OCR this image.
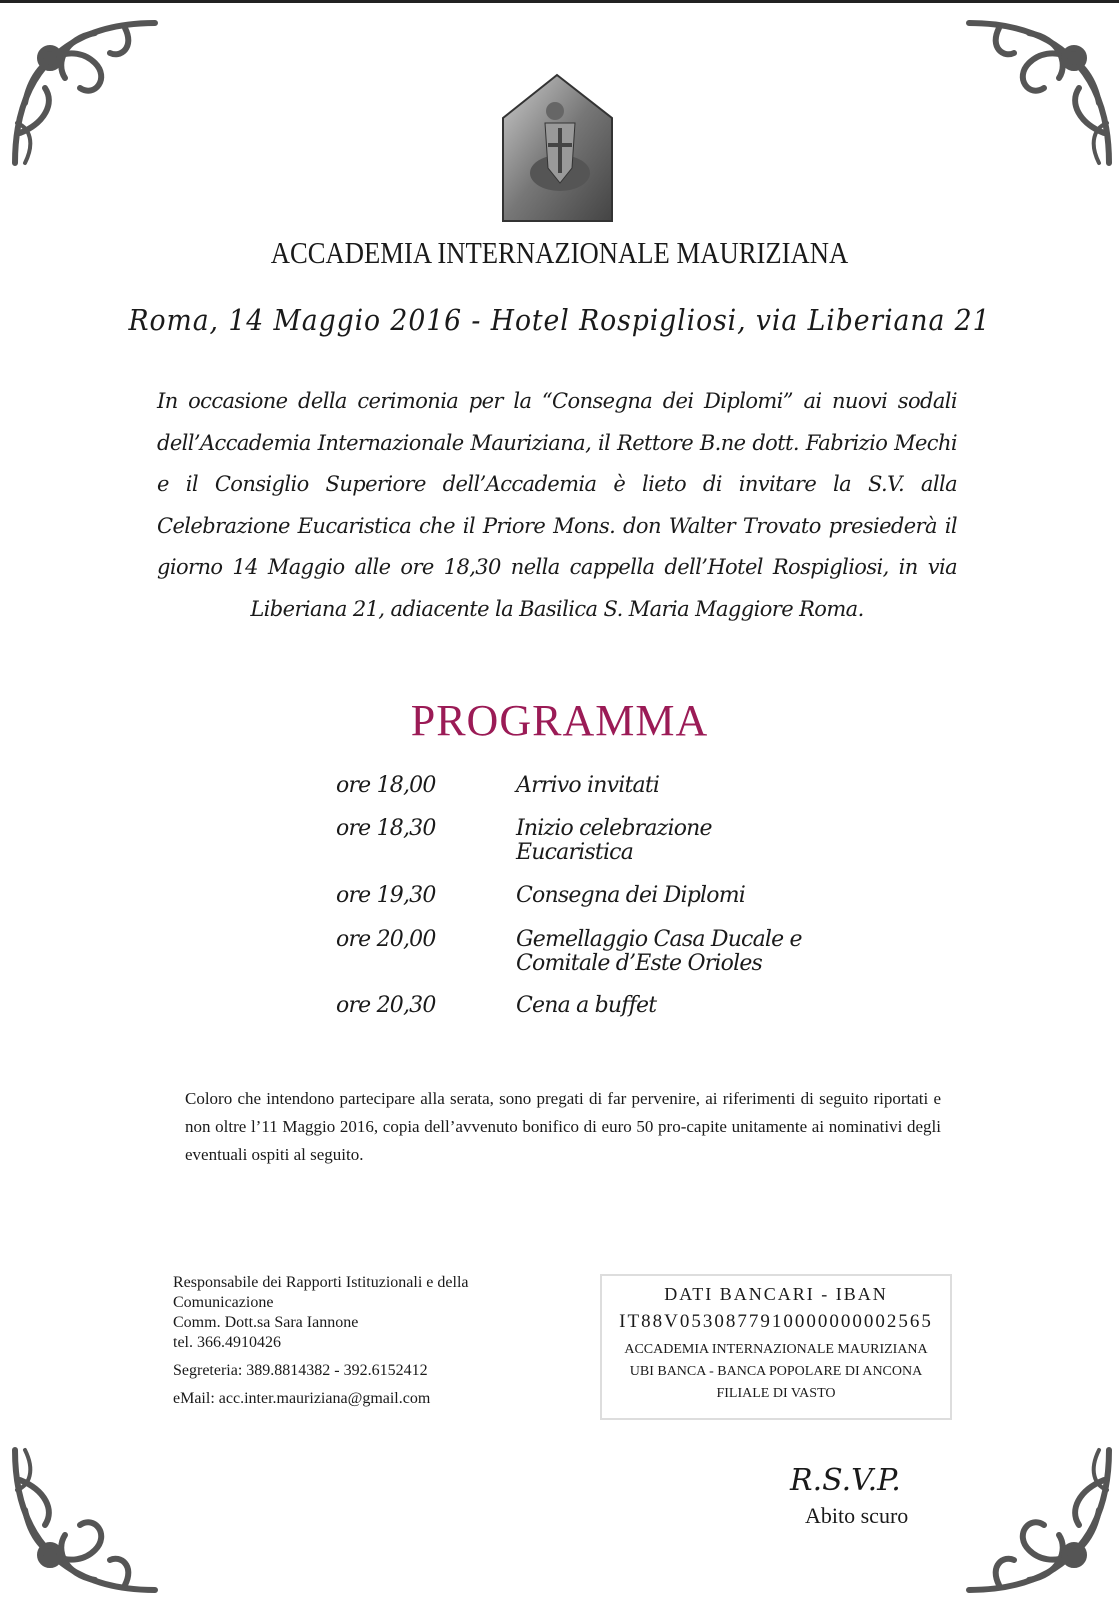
ACCADEMIA INTERNAZIONALE MAURIZIANA
Roma, 14 Maggio 2016 - Hotel Rospigliosi, via Liberiana 21
In occasione della cerimonia per la “Consegna dei Diplomi” ai nuovi sodali dell’Accademia Internazionale Mauriziana, il Rettore B.ne dott. Fabrizio Mechi e il Consiglio Superiore dell’Accademia è lieto di invitare la S.V. alla Celebrazione Eucaristica che il Priore Mons. don Walter Trovato presiederà il giorno 14 Maggio alle ore 18,30 nella cappella dell’Hotel Rospigliosi, in via Liberiana 21, adiacente la Basilica S. Maria Maggiore Roma.
PROGRAMMA
ore 18,00	Arrivo invitati
ore 18,30	Inizio celebrazione Eucaristica
ore 19,30	Consegna dei Diplomi
ore 20,00	Gemellaggio Casa Ducale e Comitale d’Este Orioles
ore 20,30	Cena a buffet
Coloro che intendono partecipare alla serata, sono pregati di far pervenire, ai riferimenti di seguito riportati e non oltre l’11 Maggio 2016, copia dell’avvenuto bonifico di euro 50 pro-capite unitamente ai nominativi degli eventuali ospiti al seguito.
Responsabile dei Rapporti Istituzionali e della Comunicazione
Comm. Dott.sa Sara Iannone
tel. 366.4910426
Segreteria: 389.8814382 - 392.6152412
eMail: acc.inter.mauriziana@gmail.com
DATI BANCARI - IBAN
IT88V0530877910000000002565
ACCADEMIA INTERNAZIONALE MAURIZIANA
UBI BANCA - BANCA POPOLARE DI ANCONA
FILIALE DI VASTO
R.S.V.P.
Abito scuro
